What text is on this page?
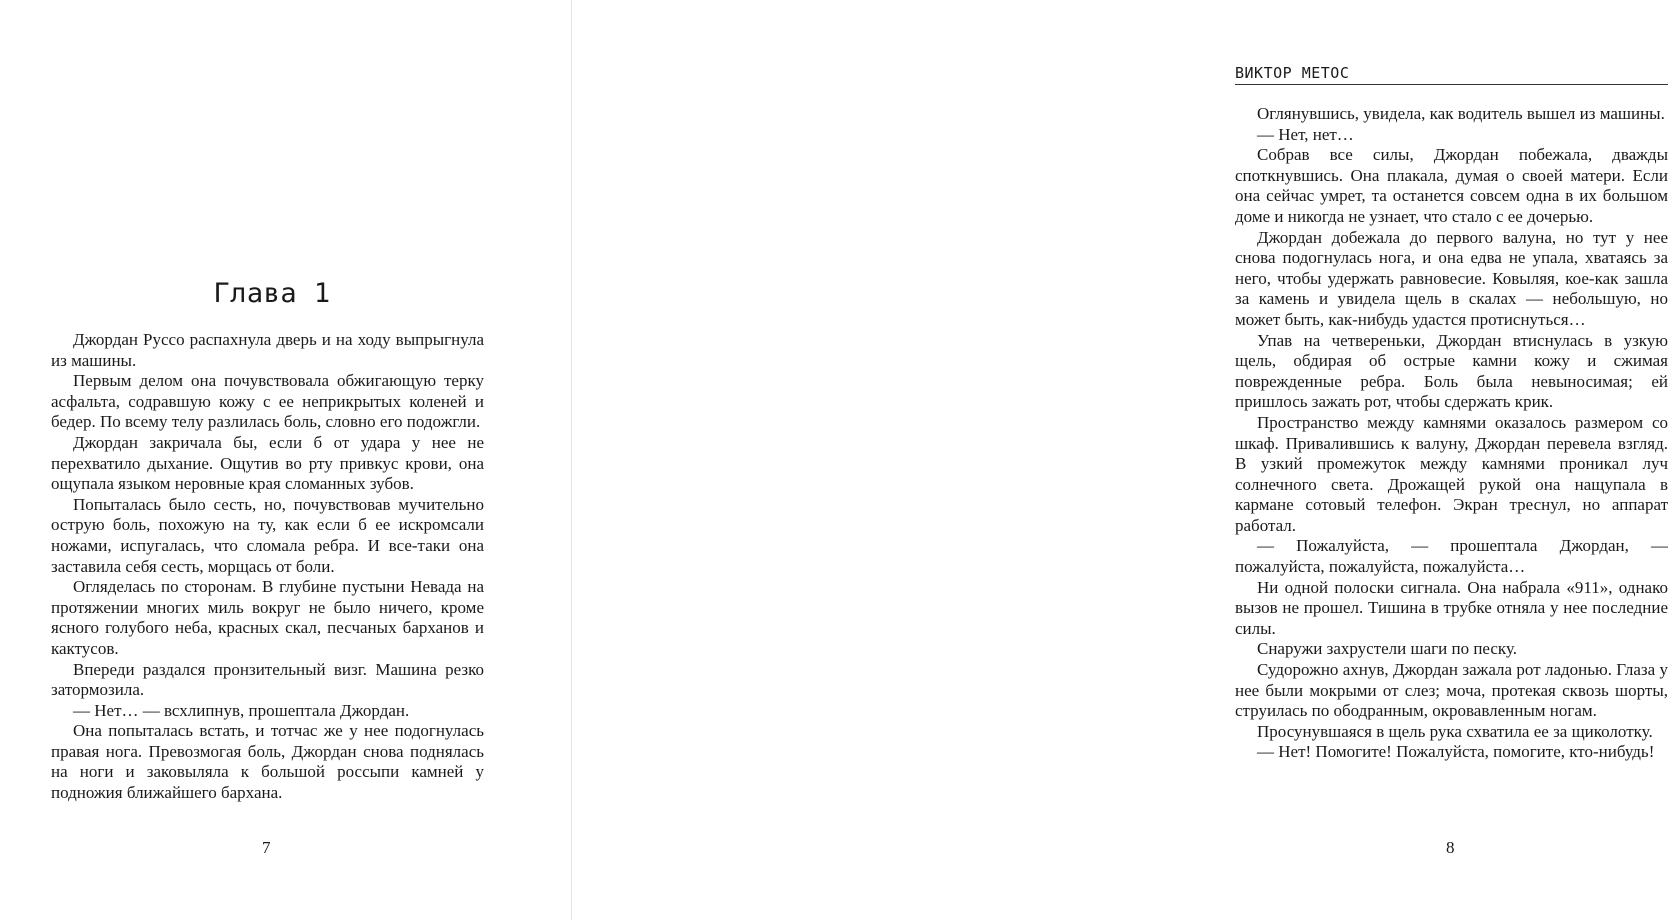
Глава 1

Джордан Руссо распахнула дверь и на ходу выпрыгнула из машины.

Первым делом она почувствовала обжигающую терку асфальта, содравшую кожу с ее неприкрытых коленей и бедер. По всему телу разлилась боль, словно его подожгли.

Джордан закричала бы, если б от удара у нее не перехватило дыхание. Ощутив во рту привкус крови, она ощупала языком неровные края сломанных зубов.

Попыталась было сесть, но, почувствовав мучительно острую боль, похожую на ту, как если б ее искромсали ножами, испугалась, что сломала ребра. И все-таки она заставила себя сесть, морщась от боли.

Огляделась по сторонам. В глубине пустыни Невада на протяжении многих миль вокруг не было ничего, кроме ясного голубого неба, красных скал, песчаных барханов и кактусов.

Впереди раздался пронзительный визг. Машина резко затормозила.

— Нет… — всхлипнув, прошептала Джордан.

Она попыталась встать, и тотчас же у нее подогнулась правая нога. Превозмогая боль, Джордан снова поднялась на ноги и заковыляла к большой россыпи камней у подножия ближайшего бархана.

7
ВИКТОР МЕТОС

Оглянувшись, увидела, как водитель вышел из машины.

— Нет, нет…

Собрав все силы, Джордан побежала, дважды споткнувшись. Она плакала, думая о своей матери. Если она сейчас умрет, та останется совсем одна в их большом доме и никогда не узнает, что стало с ее дочерью.

Джордан добежала до первого валуна, но тут у нее снова подогнулась нога, и она едва не упала, хватаясь за него, чтобы удержать равновесие. Ковыляя, кое-как зашла за камень и увидела щель в скалах — небольшую, но может быть, как-нибудь удастся протиснуться…

Упав на четвереньки, Джордан втиснулась в узкую щель, обдирая об острые камни кожу и сжимая поврежденные ребра. Боль была невыносимая; ей пришлось зажать рот, чтобы сдержать крик.

Пространство между камнями оказалось размером со шкаф. Привалившись к валуну, Джордан перевела взгляд. В узкий промежуток между камнями проникал луч солнечного света. Дрожащей рукой она нащупала в кармане сотовый телефон. Экран треснул, но аппарат работал.

— Пожалуйста, — прошептала Джордан, — пожалуйста, пожалуйста, пожалуйста…

Ни одной полоски сигнала. Она набрала «911», однако вызов не прошел. Тишина в трубке отняла у нее последние силы.

Снаружи захрустели шаги по песку.

Судорожно ахнув, Джордан зажала рот ладонью. Глаза у нее были мокрыми от слез; моча, протекая сквозь шорты, струилась по ободранным, окровавленным ногам.

Просунувшаяся в щель рука схватила ее за щиколотку.

— Нет! Помогите! Пожалуйста, помогите, кто-нибудь!

8
